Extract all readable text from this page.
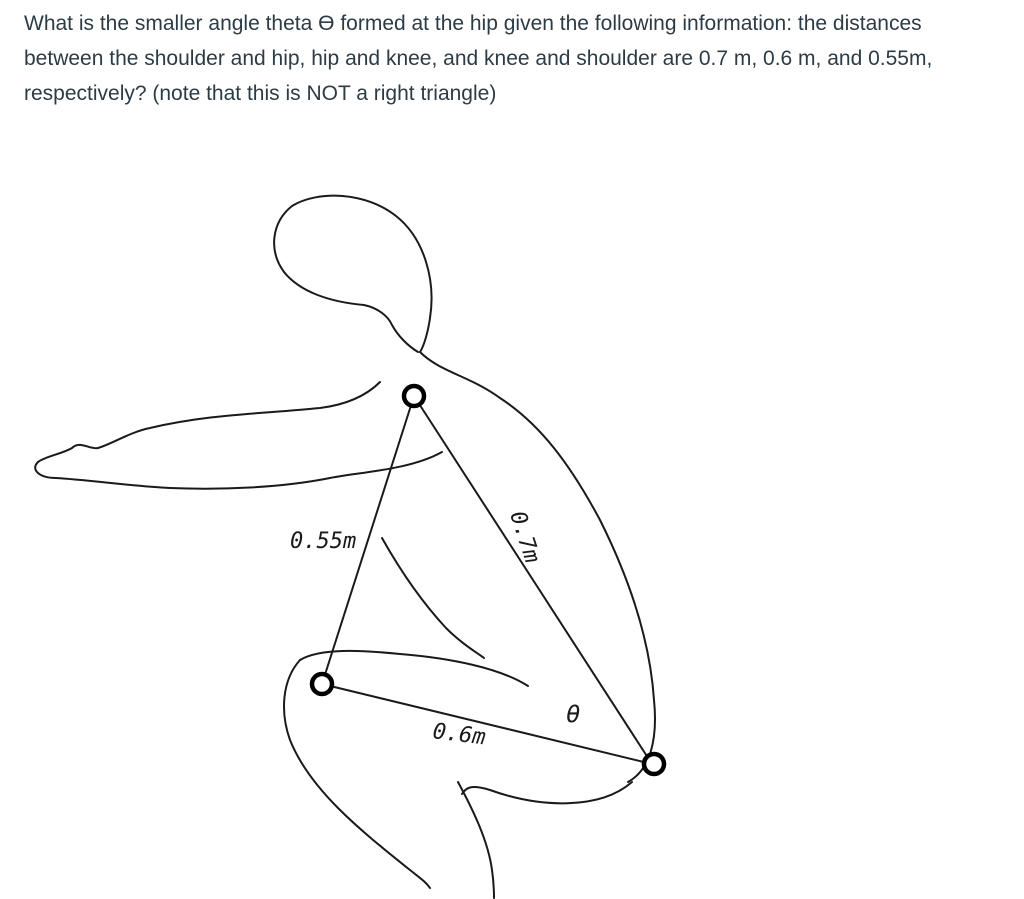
What is the smaller angle theta ϴ formed at the hip given the following information: the distances between the shoulder and hip, hip and knee, and knee and shoulder are 0.7 m, 0.6 m, and 0.55m, respectively? (note that this is NOT a right triangle)

0.55m	0.7m
0.6m
θ
